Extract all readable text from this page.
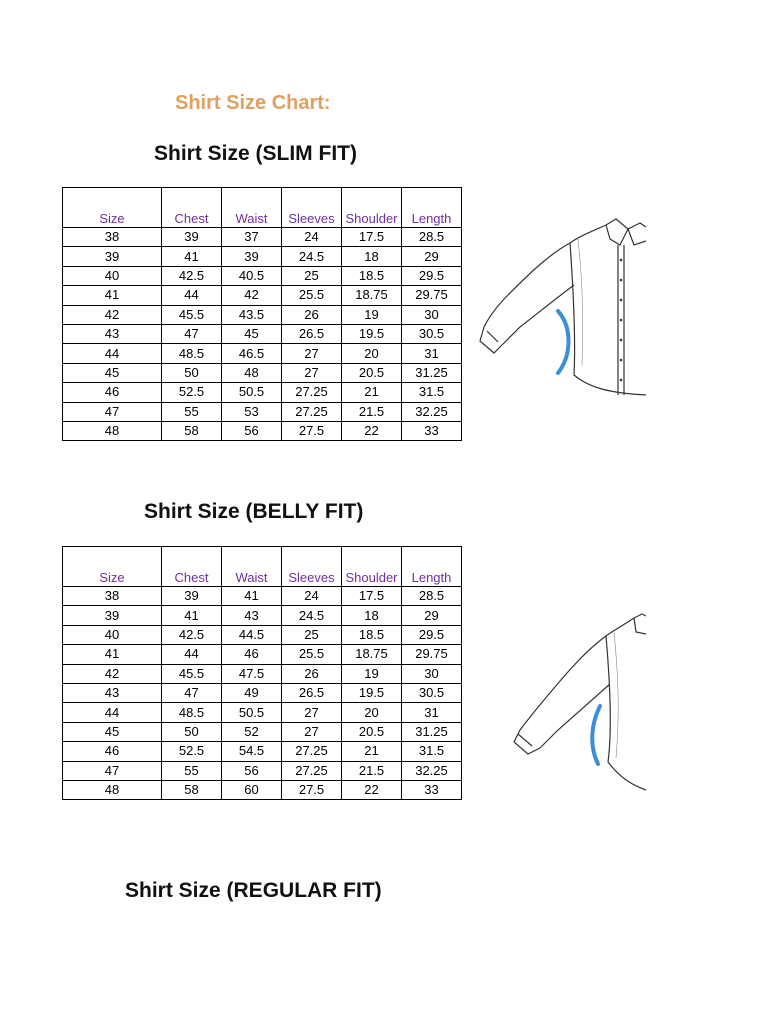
Shirt Size Chart:
Shirt Size (SLIM FIT)
Size	Chest	Waist	Sleeves	Shoulder	Length
38	39	37	24	17.5	28.5
39	41	39	24.5	18	29
40	42.5	40.5	25	18.5	29.5
41	44	42	25.5	18.75	29.75
42	45.5	43.5	26	19	30
43	47	45	26.5	19.5	30.5
44	48.5	46.5	27	20	31
45	50	48	27	20.5	31.25
46	52.5	50.5	27.25	21	31.5
47	55	53	27.25	21.5	32.25
48	58	56	27.5	22	33
Shirt Size (BELLY FIT)
Size	Chest	Waist	Sleeves	Shoulder	Length
38	39	41	24	17.5	28.5
39	41	43	24.5	18	29
40	42.5	44.5	25	18.5	29.5
41	44	46	25.5	18.75	29.75
42	45.5	47.5	26	19	30
43	47	49	26.5	19.5	30.5
44	48.5	50.5	27	20	31
45	50	52	27	20.5	31.25
46	52.5	54.5	27.25	21	31.5
47	55	56	27.25	21.5	32.25
48	58	60	27.5	22	33
Shirt Size (REGULAR FIT)
